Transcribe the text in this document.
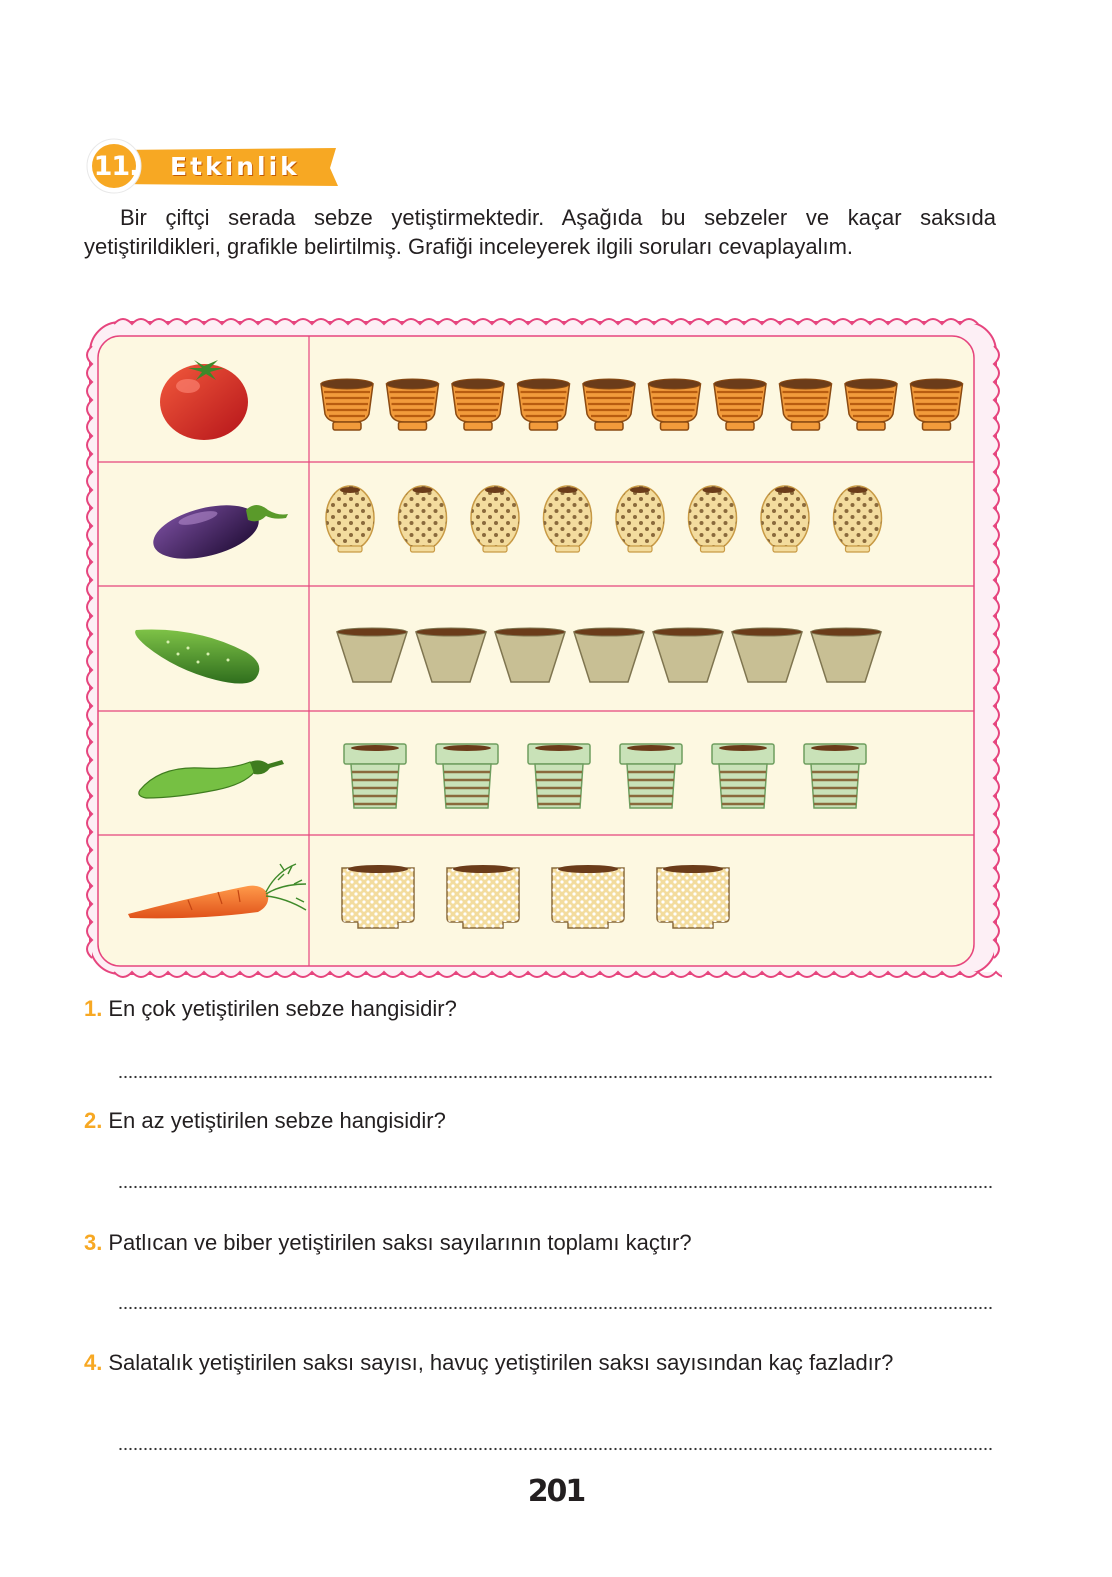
11.	Etkinlik

Bir çiftçi serada sebze yetiştirmektedir. Aşağıda bu sebzeler ve kaçar saksıda yetiştirildikleri, grafikle belirtilmiş. Grafiği inceleyerek ilgili soruları cevaplayalım.

1. En çok yetiştirilen sebze hangisidir?

2. En az yetiştirilen sebze hangisidir?

3. Patlıcan ve biber yetiştirilen saksı sayılarının toplamı kaçtır?

4. Salatalık yetiştirilen saksı sayısı, havuç yetiştirilen saksı sayısından kaç fazladır?

201
